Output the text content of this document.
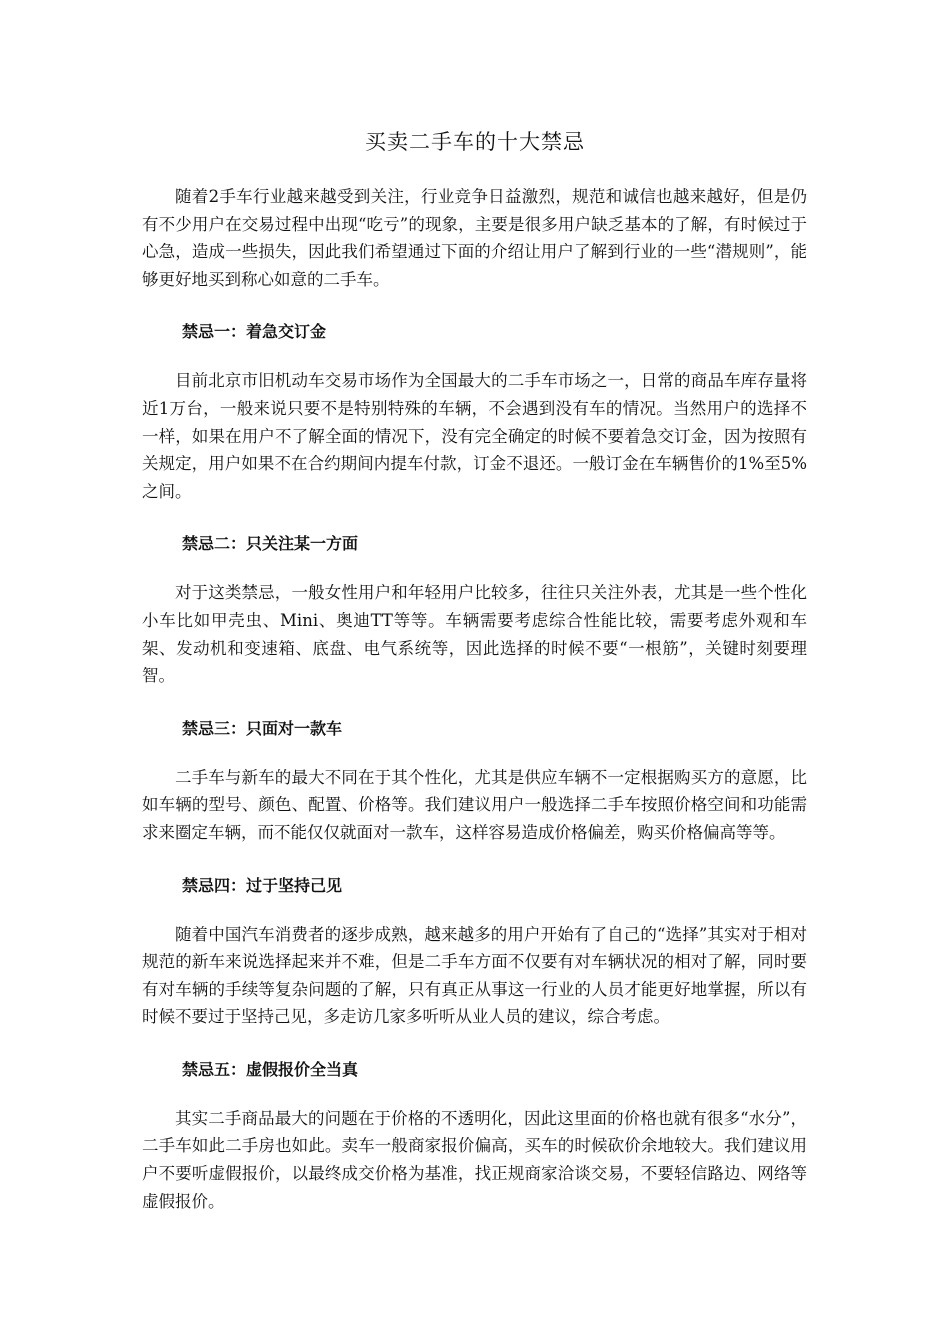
买卖二手车的十大禁忌

随着2手车行业越来越受到关注，行业竞争日益激烈，规范和诚信也越来越好，但是仍有不少用户在交易过程中出现“吃亏”的现象，主要是很多用户缺乏基本的了解，有时候过于心急，造成一些损失，因此我们希望通过下面的介绍让用户了解到行业的一些“潜规则”，能够更好地买到称心如意的二手车。

禁忌一：着急交订金

目前北京市旧机动车交易市场作为全国最大的二手车市场之一，日常的商品车库存量将近1万台，一般来说只要不是特别特殊的车辆，不会遇到没有车的情况。当然用户的选择不一样，如果在用户不了解全面的情况下，没有完全确定的时候不要着急交订金，因为按照有关规定，用户如果不在合约期间内提车付款，订金不退还。一般订金在车辆售价的1%至5%之间。

禁忌二：只关注某一方面

对于这类禁忌，一般女性用户和年轻用户比较多，往往只关注外表，尤其是一些个性化小车比如甲壳虫、Mini、奥迪TT等等。车辆需要考虑综合性能比较，需要考虑外观和车架、发动机和变速箱、底盘、电气系统等，因此选择的时候不要“一根筋”，关键时刻要理智。

禁忌三：只面对一款车

二手车与新车的最大不同在于其个性化，尤其是供应车辆不一定根据购买方的意愿，比如车辆的型号、颜色、配置、价格等。我们建议用户一般选择二手车按照价格空间和功能需求来圈定车辆，而不能仅仅就面对一款车，这样容易造成价格偏差，购买价格偏高等等。

禁忌四：过于坚持己见

随着中国汽车消费者的逐步成熟，越来越多的用户开始有了自己的“选择”其实对于相对规范的新车来说选择起来并不难，但是二手车方面不仅要有对车辆状况的相对了解，同时要有对车辆的手续等复杂问题的了解，只有真正从事这一行业的人员才能更好地掌握，所以有时候不要过于坚持己见，多走访几家多听听从业人员的建议，综合考虑。

禁忌五：虚假报价全当真

其实二手商品最大的问题在于价格的不透明化，因此这里面的价格也就有很多“水分”，二手车如此二手房也如此。卖车一般商家报价偏高，买车的时候砍价余地较大。我们建议用户不要听虚假报价，以最终成交价格为基准，找正规商家洽谈交易，不要轻信路边、网络等虚假报价。
